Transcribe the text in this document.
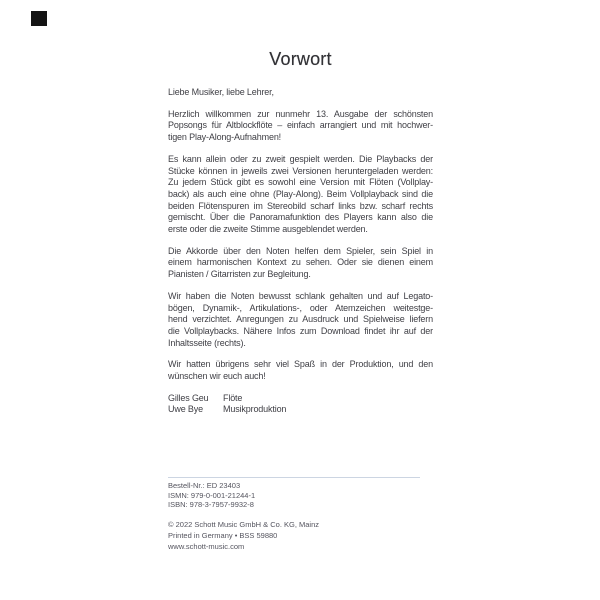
Vorwort
Liebe Musiker, liebe Lehrer,
Herzlich willkommen zur nunmehr 13. Ausgabe der schönsten
Popsongs für Altblockflöte – einfach arrangiert und mit hochwer-
tigen Play-Along-Aufnahmen!
Es kann allein oder zu zweit gespielt werden. Die Playbacks der
Stücke können in jeweils zwei Versionen heruntergeladen werden:
Zu jedem Stück gibt es sowohl eine Version mit Flöten (Vollplay-
back) als auch eine ohne (Play-Along). Beim Vollplayback sind die
beiden Flötenspuren im Stereobild scharf links bzw. scharf rechts
gemischt. Über die Panoramafunktion des Players kann also die
erste oder die zweite Stimme ausgeblendet werden.
Die Akkorde über den Noten helfen dem Spieler, sein Spiel in
einem harmonischen Kontext zu sehen. Oder sie dienen einem
Pianisten / Gitarristen zur Begleitung.
Wir haben die Noten bewusst schlank gehalten und auf Legato-
bögen, Dynamik-, Artikulations-, oder Atemzeichen weitestge-
hend verzichtet. Anregungen zu Ausdruck und Spielweise liefern
die Vollplaybacks. Nähere Infos zum Download findet ihr auf der
Inhaltsseite (rechts).
Wir hatten übrigens sehr viel Spaß in der Produktion, und den
wünschen wir euch auch!
Gilles Geu Flöte
Uwe Bye Musikproduktion
Bestell-Nr.: ED 23403
ISMN: 979-0-001-21244-1
ISBN: 978-3-7957-9932-8
© 2022 Schott Music GmbH & Co. KG, Mainz
Printed in Germany • BSS 59880
www.schott-music.com
